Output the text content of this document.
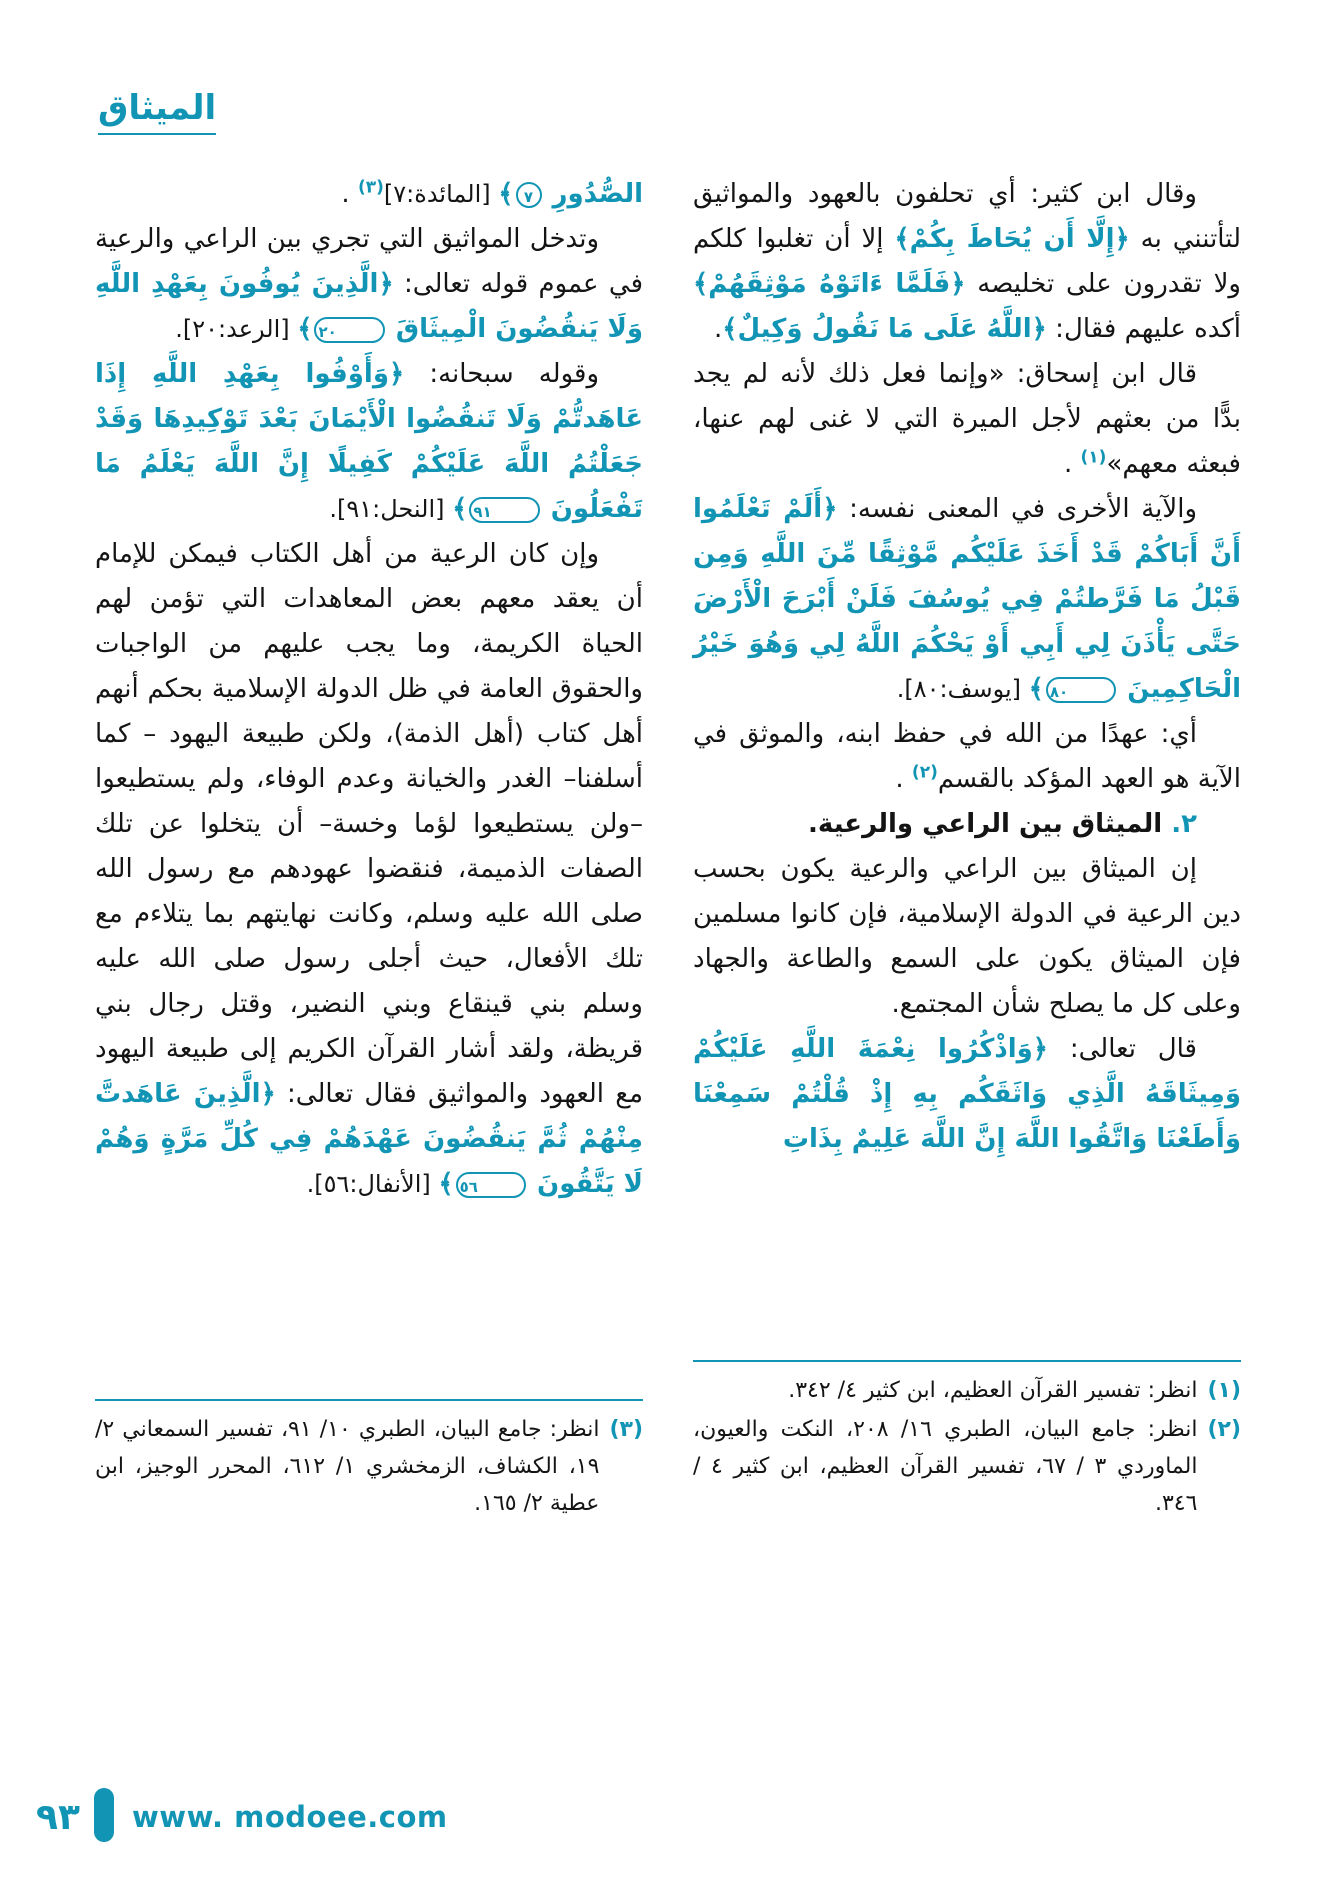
الميثاق

وقال ابن كثير: أي تحلفون بالعهود والمواثيق لتأتنني به ﴿إِلَّا أَن يُحَاطَ بِكُمْ﴾ إلا أن تغلبوا كلكم ولا تقدرون على تخليصه ﴿فَلَمَّا ءَاتَوْهُ مَوْثِقَهُمْ﴾ أكده عليهم فقال: ﴿اللَّهُ عَلَى مَا نَقُولُ وَكِيلٌ﴾.

قال ابن إسحاق: «وإنما فعل ذلك لأنه لم يجد بدًّا من بعثهم لأجل الميرة التي لا غنى لهم عنها، فبعثه معهم»$^{(١)}$ .

والآية الأخرى في المعنى نفسه: ﴿أَلَمْ تَعْلَمُوا أَنَّ أَبَاكُمْ قَدْ أَخَذَ عَلَيْكُم مَّوْثِقًا مِّنَ اللَّهِ وَمِن قَبْلُ مَا فَرَّطتُمْ فِي يُوسُفَ فَلَنْ أَبْرَحَ الْأَرْضَ حَتَّى يَأْذَنَ لِي أَبِي أَوْ يَحْكُمَ اللَّهُ لِي وَهُوَ خَيْرُ الْحَاكِمِينَ ٨٠﴾ [يوسف:٨٠].

أي: عهدًا من الله في حفظ ابنه، والموثق في الآية هو العهد المؤكد بالقسم$^{(٢)}$ .

٢. الميثاق بين الراعي والرعية.

إن الميثاق بين الراعي والرعية يكون بحسب دين الرعية في الدولة الإسلامية، فإن كانوا مسلمين فإن الميثاق يكون على السمع والطاعة والجهاد وعلى كل ما يصلح شأن المجتمع.

قال تعالى: ﴿وَاذْكُرُوا نِعْمَةَ اللَّهِ عَلَيْكُمْ وَمِيثَاقَهُ الَّذِي وَاثَقَكُم بِهِ إِذْ قُلْتُمْ سَمِعْنَا وَأَطَعْنَا وَاتَّقُوا اللَّهَ إِنَّ اللَّهَ عَلِيمٌ بِذَاتِ

(١)
انظر: تفسير القرآن العظيم، ابن كثير ٤/ ٣٤٢.
(٢)
انظر: جامع البيان، الطبري ١٦/ ٢٠٨، النكت والعيون، الماوردي ٣ / ٦٧، تفسير القرآن العظيم، ابن كثير ٤ / ٣٤٦.

الصُّدُورِ ٧﴾ [المائدة:٧]$^{(٣)}$ .

وتدخل المواثيق التي تجري بين الراعي والرعية في عموم قوله تعالى: ﴿الَّذِينَ يُوفُونَ بِعَهْدِ اللَّهِ وَلَا يَنقُضُونَ الْمِيثَاقَ ٢٠﴾ [الرعد:٢٠].

وقوله سبحانه: ﴿وَأَوْفُوا بِعَهْدِ اللَّهِ إِذَا عَاهَدتُّمْ وَلَا تَنقُضُوا الْأَيْمَانَ بَعْدَ تَوْكِيدِهَا وَقَدْ جَعَلْتُمُ اللَّهَ عَلَيْكُمْ كَفِيلًا إِنَّ اللَّهَ يَعْلَمُ مَا تَفْعَلُونَ ٩١﴾ [النحل:٩١].

وإن كان الرعية من أهل الكتاب فيمكن للإمام أن يعقد معهم بعض المعاهدات التي تؤمن لهم الحياة الكريمة، وما يجب عليهم من الواجبات والحقوق العامة في ظل الدولة الإسلامية بحكم أنهم أهل كتاب (أهل الذمة)، ولكن طبيعة اليهود – كما أسلفنا– الغدر والخيانة وعدم الوفاء، ولم يستطيعوا –ولن يستطيعوا لؤما وخسة– أن يتخلوا عن تلك الصفات الذميمة، فنقضوا عهودهم مع رسول الله صلى الله عليه وسلم، وكانت نهايتهم بما يتلاءم مع تلك الأفعال، حيث أجلى رسول صلى الله عليه وسلم بني قينقاع وبني النضير، وقتل رجال بني قريظة، ولقد أشار القرآن الكريم إلى طبيعة اليهود مع العهود والمواثيق فقال تعالى: ﴿الَّذِينَ عَاهَدتَّ مِنْهُمْ ثُمَّ يَنقُضُونَ عَهْدَهُمْ فِي كُلِّ مَرَّةٍ وَهُمْ لَا يَتَّقُونَ ٥٦﴾ [الأنفال:٥٦].

(٣)
انظر: جامع البيان، الطبري ١٠/ ٩١، تفسير السمعاني ٢/ ١٩، الكشاف، الزمخشري ١/ ٦١٢، المحرر الوجيز، ابن عطية ٢/ ١٦٥.
٩٣ www. modoee.com
